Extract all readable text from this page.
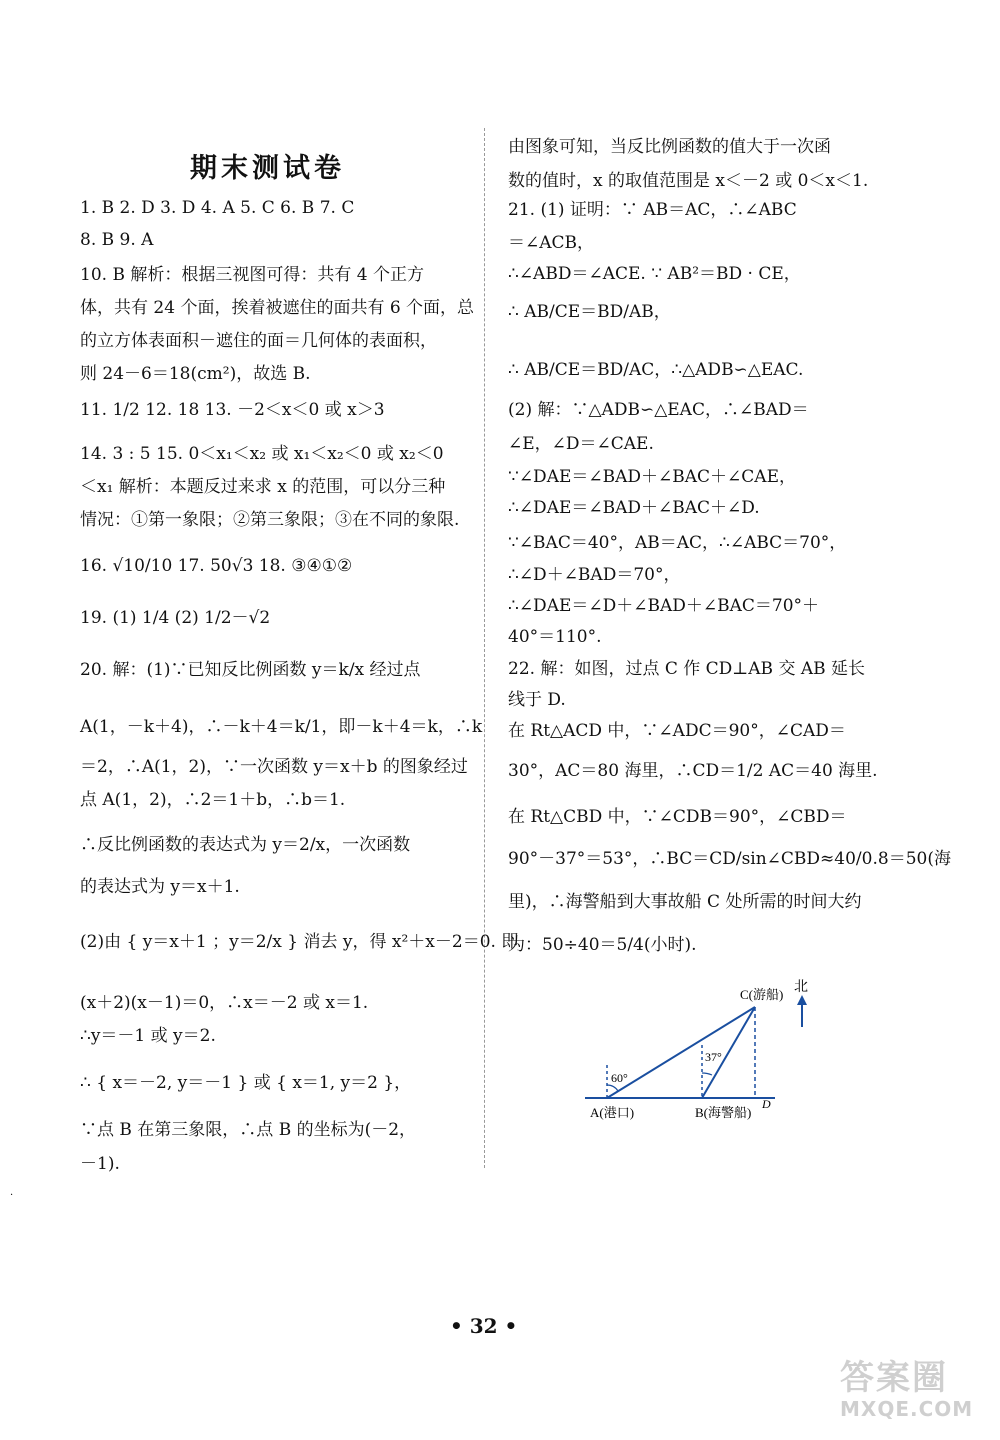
期末测试卷
1. B 2. D 3. D 4. A 5. C 6. B 7. C
8. B 9. A
10. B 解析：根据三视图可得：共有 4 个正方
体，共有 24 个面，挨着被遮住的面共有 6 个面，总
的立方体表面积－遮住的面＝几何体的表面积，
则 24－6＝18(cm²)，故选 B.
11. 1/2 12. 18 13. －2＜x＜0 或 x＞3
14. 3 : 5 15. 0＜x₁＜x₂ 或 x₁＜x₂＜0 或 x₂＜0
＜x₁ 解析：本题反过来求 x 的范围，可以分三种
情况：①第一象限；②第三象限；③在不同的象限.
16. √10/10 17. 50√3 18. ③④①②
19. (1) 1/4 (2) 1/2－√2
20. 解：(1)∵已知反比例函数 y＝k/x 经过点
A(1，－k＋4)，∴－k＋4＝k/1，即－k＋4＝k，∴k
＝2，∴A(1，2)，∵一次函数 y＝x＋b 的图象经过
点 A(1，2)，∴2＝1＋b，∴b＝1.
∴反比例函数的表达式为 y＝2/x，一次函数
的表达式为 y＝x＋1.
(2)由 { y＝x＋1 ；y＝2/x } 消去 y，得 x²＋x－2＝0. 即
(x＋2)(x－1)＝0，∴x＝－2 或 x＝1.
∴y＝－1 或 y＝2.
∴ { x＝－2, y＝－1 } 或 { x＝1, y＝2 }，
∵点 B 在第三象限，∴点 B 的坐标为(－2，
－1).
由图象可知，当反比例函数的值大于一次函
数的值时，x 的取值范围是 x＜－2 或 0＜x＜1.
21. (1) 证明：∵ AB＝AC，∴∠ABC
＝∠ACB，
∴∠ABD＝∠ACE. ∵ AB²＝BD · CE，
∴ AB/CE＝BD/AB，
∴ AB/CE＝BD/AC，∴△ADB∽△EAC.
(2) 解：∵△ADB∽△EAC，∴∠BAD＝
∠E，∠D＝∠CAE.
∵∠DAE＝∠BAD＋∠BAC＋∠CAE，
∴∠DAE＝∠BAD＋∠BAC＋∠D.
∵∠BAC＝40°，AB＝AC，∴∠ABC＝70°，
∴∠D＋∠BAD＝70°，
∴∠DAE＝∠D＋∠BAD＋∠BAC＝70°＋
40°＝110°.
22. 解：如图，过点 C 作 CD⊥AB 交 AB 延长
线于 D.
在 Rt△ACD 中，∵∠ADC＝90°，∠CAD＝
30°，AC＝80 海里，∴CD＝1/2 AC＝40 海里.
在 Rt△CBD 中，∵∠CDB＝90°，∠CBD＝
90°－37°＝53°，∴BC＝CD/sin∠CBD≈40/0.8＝50(海
里)，∴海警船到大事故船 C 处所需的时间大约
为：50÷40＝5/4(小时).
60°
37°
C(游船) 北
A(港口)	B(海警船)
D
• 32 •
·
答案圈
MXQE.COM
